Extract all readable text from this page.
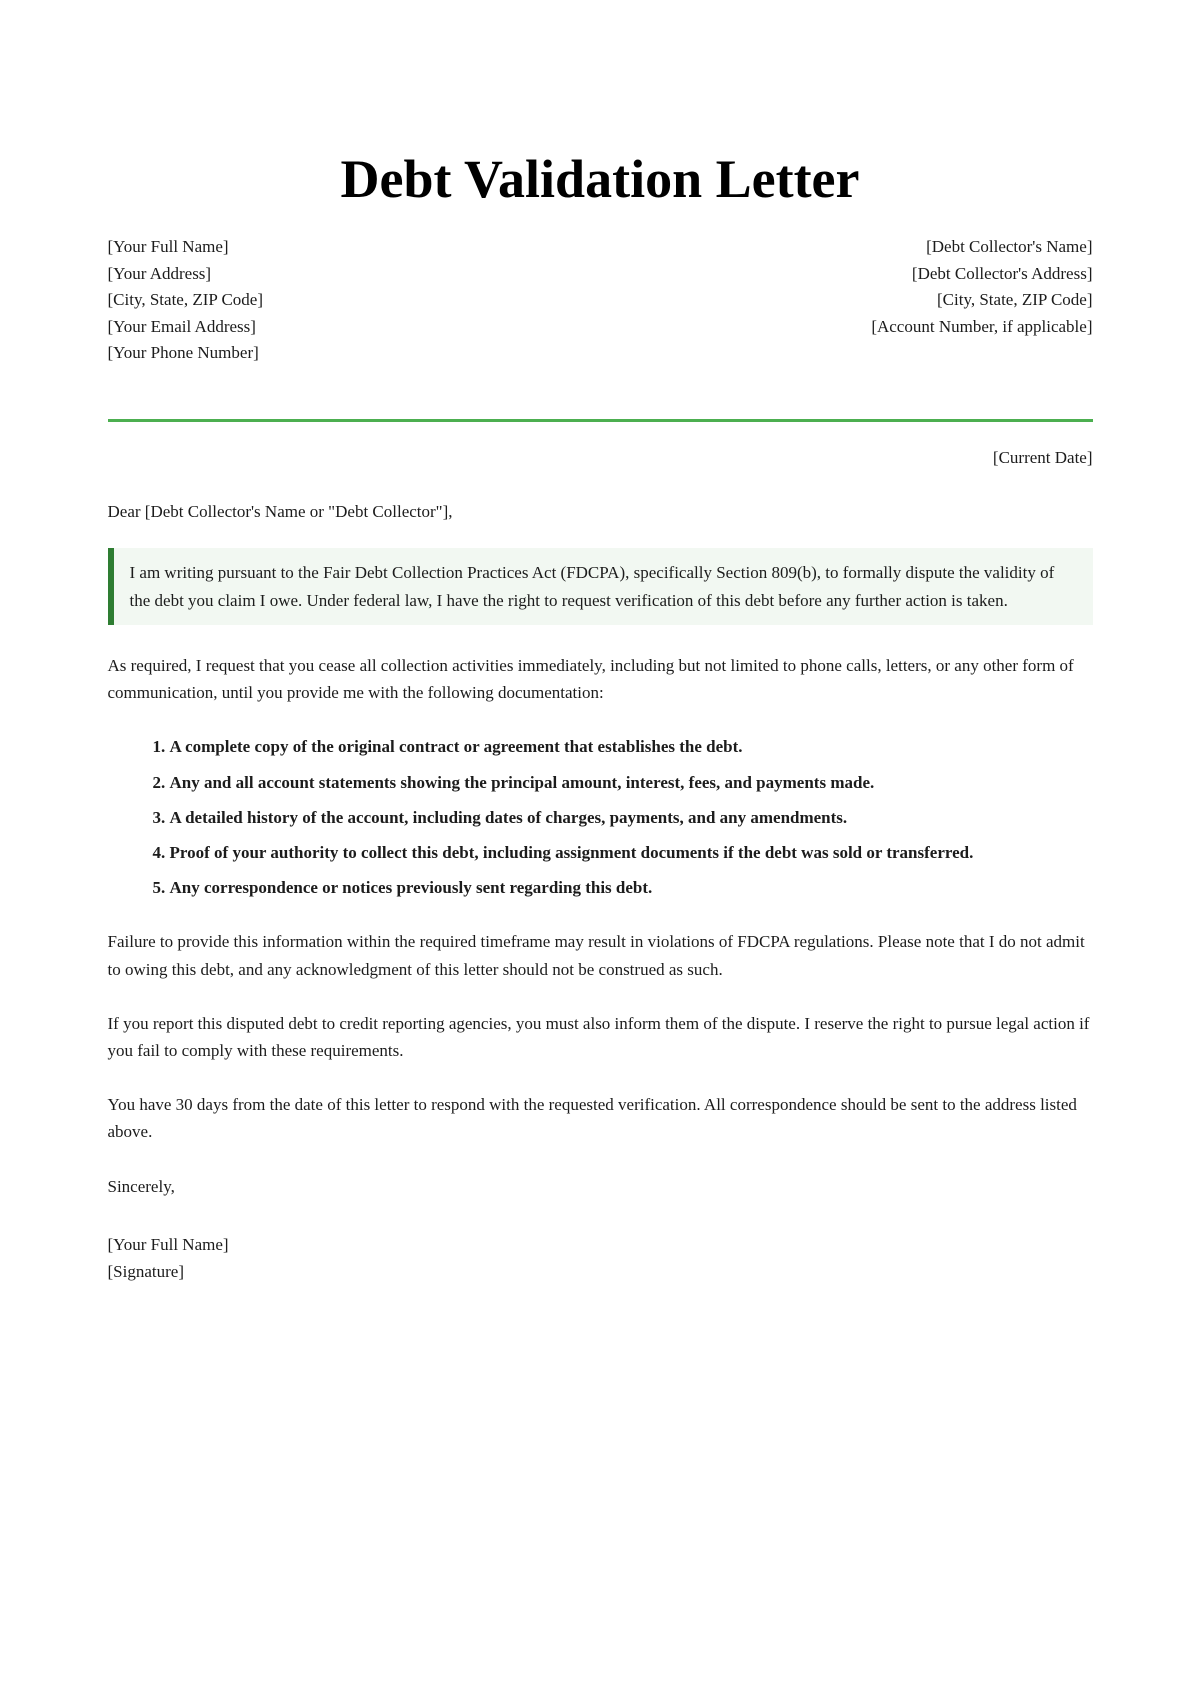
Debt Validation Letter
[Your Full Name]
[Your Address]
[City, State, ZIP Code]
[Your Email Address]
[Your Phone Number]
[Debt Collector's Name]
[Debt Collector's Address]
[City, State, ZIP Code]
[Account Number, if applicable]

[Current Date]

Dear [Debt Collector's Name or "Debt Collector"],

I am writing pursuant to the Fair Debt Collection Practices Act (FDCPA), specifically Section 809(b), to formally dispute the validity of the debt you claim I owe. Under federal law, I have the right to request verification of this debt before any further action is taken.

As required, I request that you cease all collection activities immediately, including but not limited to phone calls, letters, or any other form of communication, until you provide me with the following documentation:

1. A complete copy of the original contract or agreement that establishes the debt.
2. Any and all account statements showing the principal amount, interest, fees, and payments made.
3. A detailed history of the account, including dates of charges, payments, and any amendments.
4. Proof of your authority to collect this debt, including assignment documents if the debt was sold or transferred.
5. Any correspondence or notices previously sent regarding this debt.

Failure to provide this information within the required timeframe may result in violations of FDCPA regulations. Please note that I do not admit to owing this debt, and any acknowledgment of this letter should not be construed as such.

If you report this disputed debt to credit reporting agencies, you must also inform them of the dispute. I reserve the right to pursue legal action if you fail to comply with these requirements.

You have 30 days from the date of this letter to respond with the requested verification. All correspondence should be sent to the address listed above.

Sincerely,

[Your Full Name]
[Signature]
